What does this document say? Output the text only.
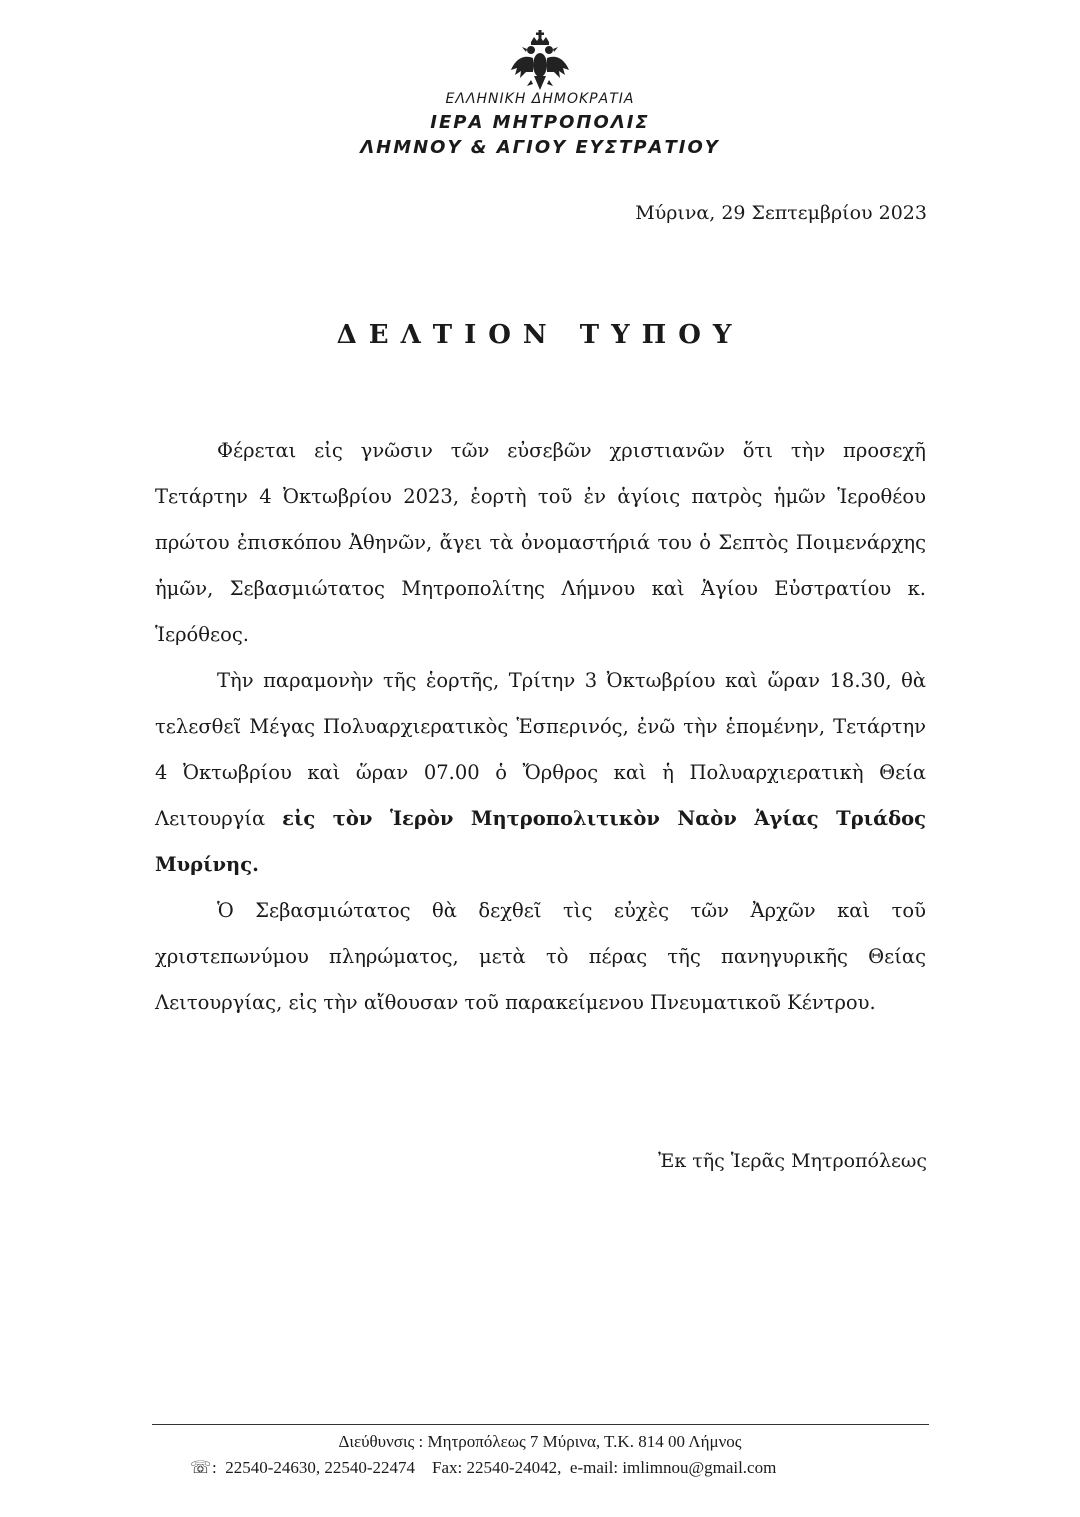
ΕΛΛΗΝΙΚΗ ΔΗΜΟΚΡΑΤΙΑ
ΙΕΡΑ ΜΗΤΡΟΠΟΛΙΣ
ΛΗΜΝΟΥ & ΑΓΙΟΥ ΕΥΣΤΡΑΤΙΟΥ
Μύρινα, 29 Σεπτεμβρίου 2023
ΔΕΛΤΙΟΝ ΤΥΠΟΥ

Φέρεται εἰς γνῶσιν τῶν εὐσεβῶν χριστιανῶν ὅτι τὴν προσεχῆ Τετάρτην 4 Ὀκτωβρίου 2023, ἑορτὴ τοῦ ἐν ἁγίοις πατρὸς ἡμῶν Ἱεροθέου πρώτου ἐπισκόπου Ἀθηνῶν, ἄγει τὰ ὀνομαστήριά του ὁ Σεπτὸς Ποιμενάρχης ἡμῶν, Σεβασμιώτατος Μητροπολίτης Λήμνου καὶ Ἁγίου Εὐστρατίου κ. Ἱερόθεος.

Τὴν παραμονὴν τῆς ἑορτῆς, Τρίτην 3 Ὀκτωβρίου καὶ ὥραν 18.30, θὰ τελεσθεῖ Μέγας Πολυαρχιερατικὸς Ἑσπερινός, ἐνῶ τὴν ἑπομένην, Τετάρτην 4 Ὀκτωβρίου καὶ ὥραν 07.00 ὁ Ὄρθρος καὶ ἡ Πολυαρχιερατικὴ Θεία Λειτουργία εἰς τὸν Ἱερὸν Μητροπολιτικὸν Ναὸν Ἁγίας Τριάδος Μυρίνης.

Ὁ Σεβασμιώτατος θὰ δεχθεῖ τὶς εὐχὲς τῶν Ἀρχῶν καὶ τοῦ χριστεπωνύμου πληρώματος, μετὰ τὸ πέρας τῆς πανηγυρικῆς Θείας Λειτουργίας, εἰς τὴν αἴθουσαν τοῦ παρακείμενου Πνευματικοῦ Κέντρου.

Ἐκ τῆς Ἱερᾶς Μητροπόλεως
Διεύθυνσις : Μητροπόλεως 7 Μύρινα, Τ.Κ. 814 00 Λήμνος
☏:  22540-24630, 22540-22474    Fax: 22540-24042,  e-mail: imlimnou@gmail.com
